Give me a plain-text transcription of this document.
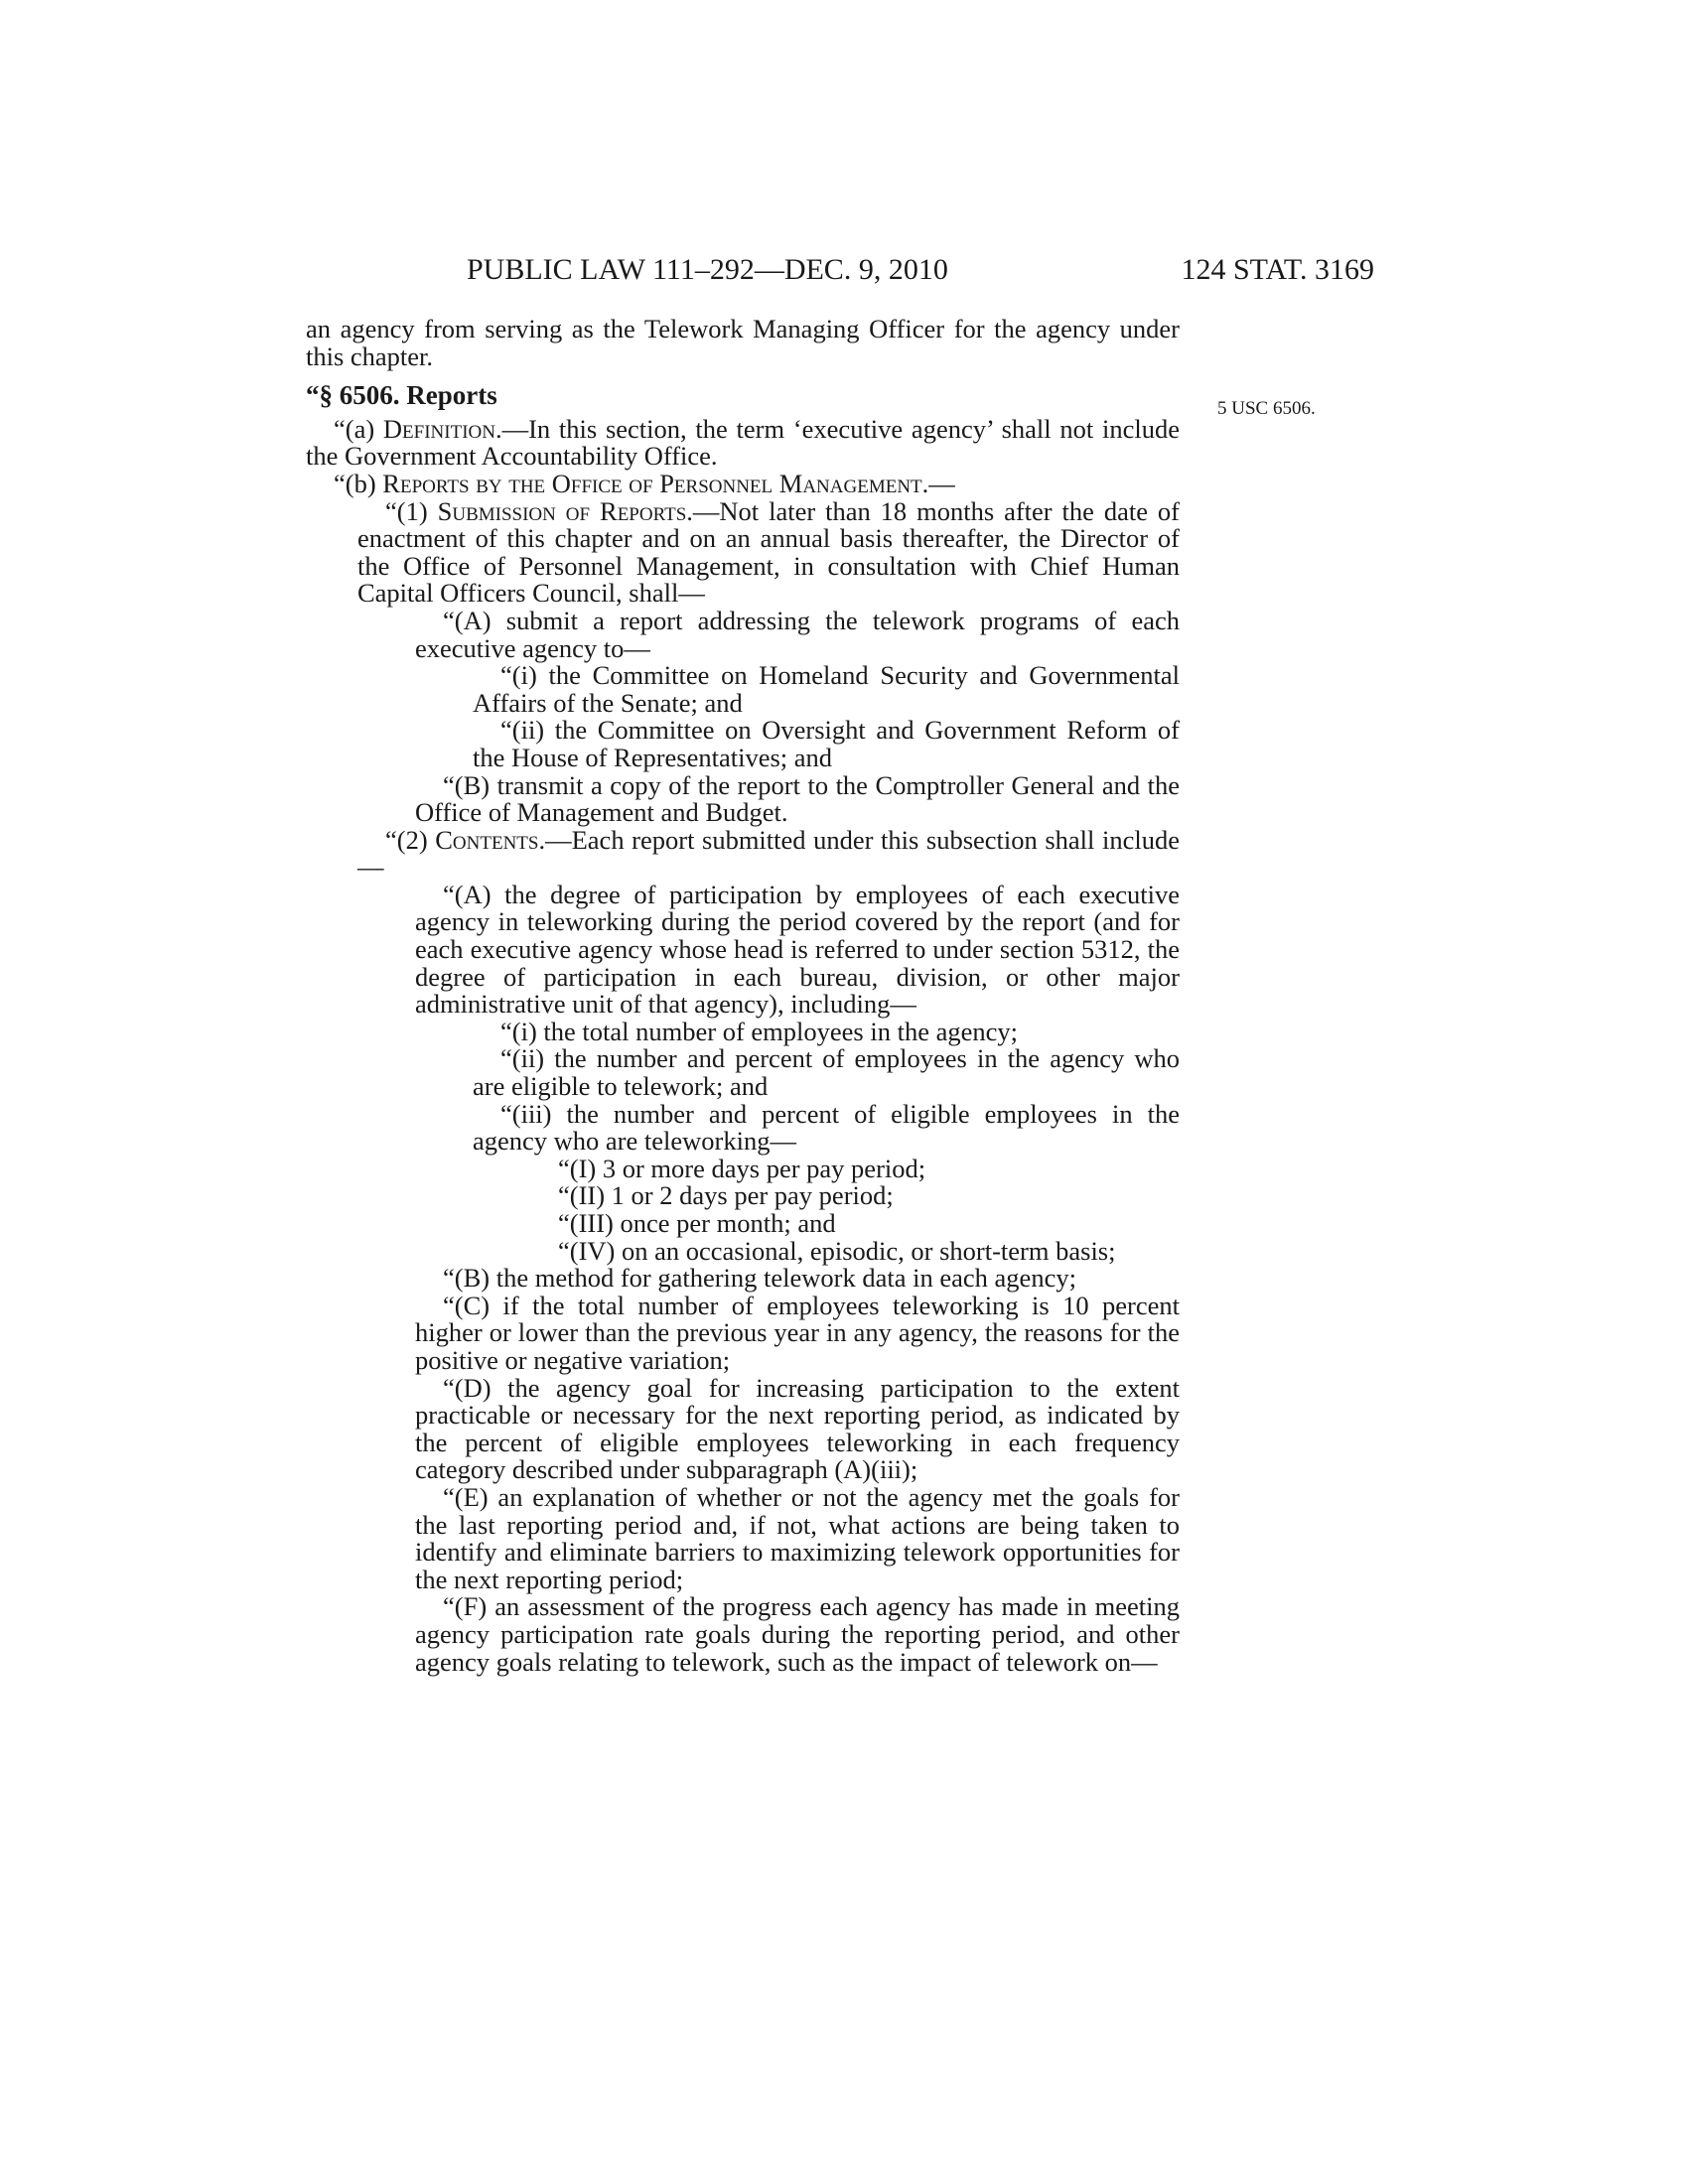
PUBLIC LAW 111–292—DEC. 9, 2010	124 STAT. 3169
5 USC 6506.

an agency from serving as the Telework Managing Officer for the agency under this chapter.

“§ 6506. Reports

“(a) Definition.—In this section, the term ‘executive agency’ shall not include the Government Accountability Office.

“(b) Reports by the Office of Personnel Management.—

“(1) Submission of Reports.—Not later than 18 months after the date of enactment of this chapter and on an annual basis thereafter, the Director of the Office of Personnel Management, in consultation with Chief Human Capital Officers Council, shall—

“(A) submit a report addressing the telework programs of each executive agency to—

“(i) the Committee on Homeland Security and Governmental Affairs of the Senate; and

“(ii) the Committee on Oversight and Government Reform of the House of Representatives; and

“(B) transmit a copy of the report to the Comptroller General and the Office of Management and Budget.

“(2) Contents.—Each report submitted under this subsection shall include—

“(A) the degree of participation by employees of each executive agency in teleworking during the period covered by the report (and for each executive agency whose head is referred to under section 5312, the degree of participation in each bureau, division, or other major administrative unit of that agency), including—

“(i) the total number of employees in the agency;

“(ii) the number and percent of employees in the agency who are eligible to telework; and

“(iii) the number and percent of eligible employees in the agency who are teleworking—

“(I) 3 or more days per pay period;

“(II) 1 or 2 days per pay period;

“(III) once per month; and

“(IV) on an occasional, episodic, or short-term basis;

“(B) the method for gathering telework data in each agency;

“(C) if the total number of employees teleworking is 10 percent higher or lower than the previous year in any agency, the reasons for the positive or negative variation;

“(D) the agency goal for increasing participation to the extent practicable or necessary for the next reporting period, as indicated by the percent of eligible employees teleworking in each frequency category described under subparagraph (A)(iii);

“(E) an explanation of whether or not the agency met the goals for the last reporting period and, if not, what actions are being taken to identify and eliminate barriers to maximizing telework opportunities for the next reporting period;

“(F) an assessment of the progress each agency has made in meeting agency participation rate goals during the reporting period, and other agency goals relating to telework, such as the impact of telework on—
